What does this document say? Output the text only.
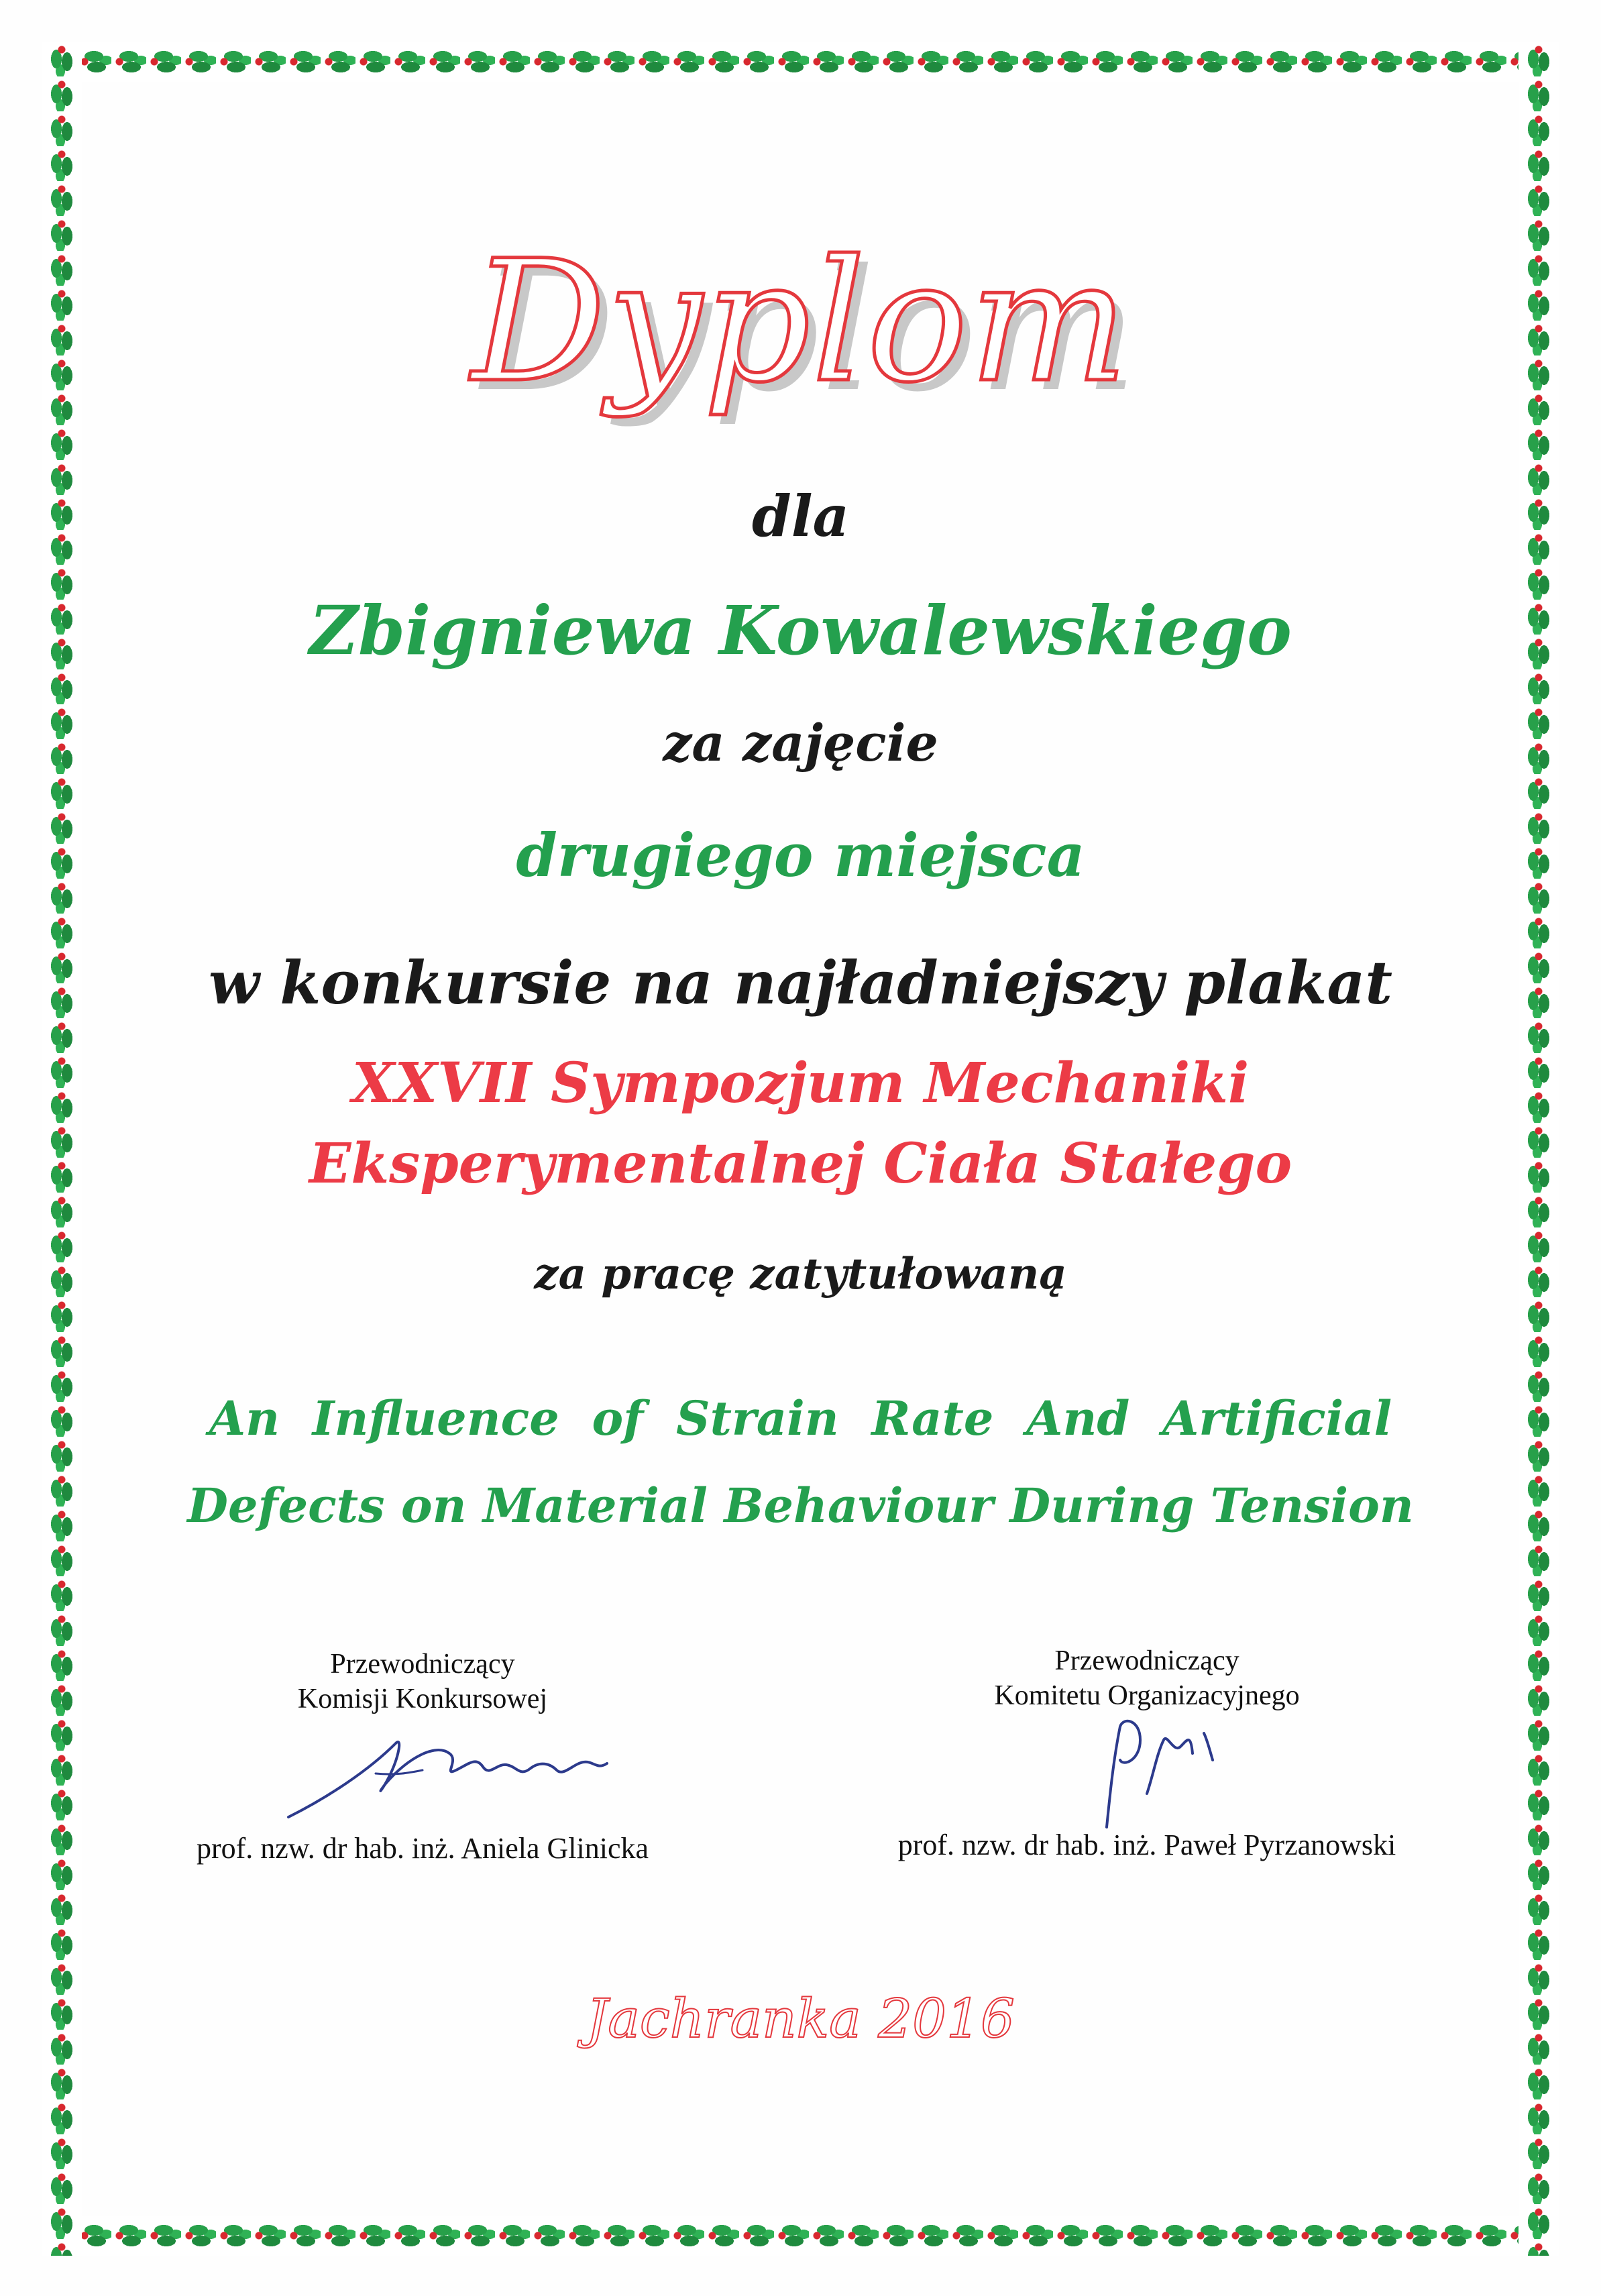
Dyplom
dla
Zbigniewa Kowalewskiego
za zajęcie
drugiego miejsca
w konkursie na najładniejszy plakat
XXVII Sympozjum Mechaniki
Eksperymentalnej Ciała Stałego
za pracę zatytułowaną
An  Influence  of  Strain  Rate  And  Artificial
Defects on Material Behaviour During Tension
Przewodniczący
Komisji Konkursowej
prof. nzw. dr hab. inż. Aniela Glinicka
Przewodniczący
Komitetu Organizacyjnego
prof. nzw. dr hab. inż. Paweł Pyrzanowski
Jachranka 2016
